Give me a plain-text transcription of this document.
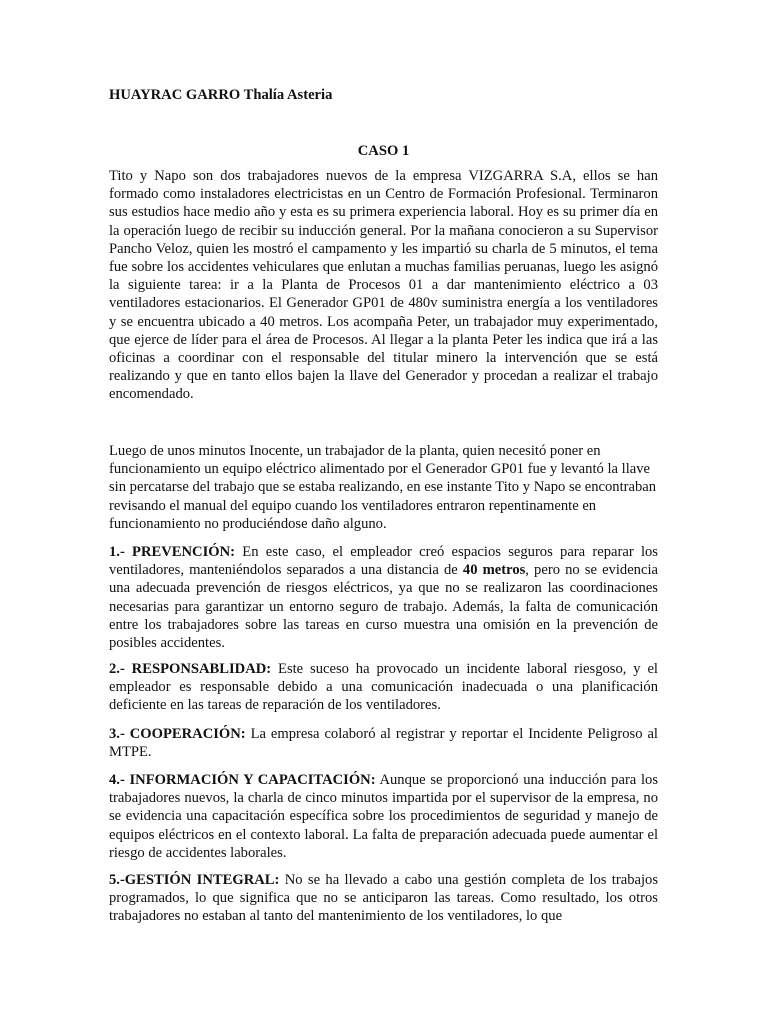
HUAYRAC GARRO Thalía Asteria
CASO 1

Tito y Napo son dos trabajadores nuevos de la empresa VIZGARRA S.A, ellos se han formado como instaladores electricistas en un Centro de Formación Profesional. Terminaron sus estudios hace medio año y esta es su primera experiencia laboral. Hoy es su primer día en la operación luego de recibir su inducción general. Por la mañana conocieron a su Supervisor Pancho Veloz, quien les mostró el campamento y les impartió su charla de 5 minutos, el tema fue sobre los accidentes vehiculares que enlutan a muchas familias peruanas, luego les asignó la siguiente tarea: ir a la Planta de Procesos 01 a dar mantenimiento eléctrico a 03 ventiladores estacionarios. El Generador GP01 de 480v suministra energía a los ventiladores y se encuentra ubicado a 40 metros. Los acompaña Peter, un trabajador muy experimentado, que ejerce de líder para el área de Procesos. Al llegar a la planta Peter les indica que irá a las oficinas a coordinar con el responsable del titular minero la intervención que se está realizando y que en tanto ellos bajen la llave del Generador y procedan a realizar el trabajo encomendado.

Luego de unos minutos Inocente, un trabajador de la planta, quien necesitó poner en funcionamiento un equipo eléctrico alimentado por el Generador GP01 fue y levantó la llave sin percatarse del trabajo que se estaba realizando, en ese instante Tito y Napo se encontraban revisando el manual del equipo cuando los ventiladores entraron repentinamente en funcionamiento no produciéndose daño alguno.

1.- PREVENCIÓN: En este caso, el empleador creó espacios seguros para reparar los ventiladores, manteniéndolos separados a una distancia de 40 metros, pero no se evidencia una adecuada prevención de riesgos eléctricos, ya que no se realizaron las coordinaciones necesarias para garantizar un entorno seguro de trabajo. Además, la falta de comunicación entre los trabajadores sobre las tareas en curso muestra una omisión en la prevención de posibles accidentes.

2.- RESPONSABLIDAD: Este suceso ha provocado un incidente laboral riesgoso, y el empleador es responsable debido a una comunicación inadecuada o una planificación deficiente en las tareas de reparación de los ventiladores.

3.- COOPERACIÓN: La empresa colaboró al registrar y reportar el Incidente Peligroso al MTPE.

4.- INFORMACIÓN Y CAPACITACIÓN: Aunque se proporcionó una inducción para los trabajadores nuevos, la charla de cinco minutos impartida por el supervisor de la empresa, no se evidencia una capacitación específica sobre los procedimientos de seguridad y manejo de equipos eléctricos en el contexto laboral. La falta de preparación adecuada puede aumentar el riesgo de accidentes laborales.

5.-GESTIÓN INTEGRAL: No se ha llevado a cabo una gestión completa de los trabajos programados, lo que significa que no se anticiparon las tareas. Como resultado, los otros trabajadores no estaban al tanto del mantenimiento de los ventiladores, lo que
